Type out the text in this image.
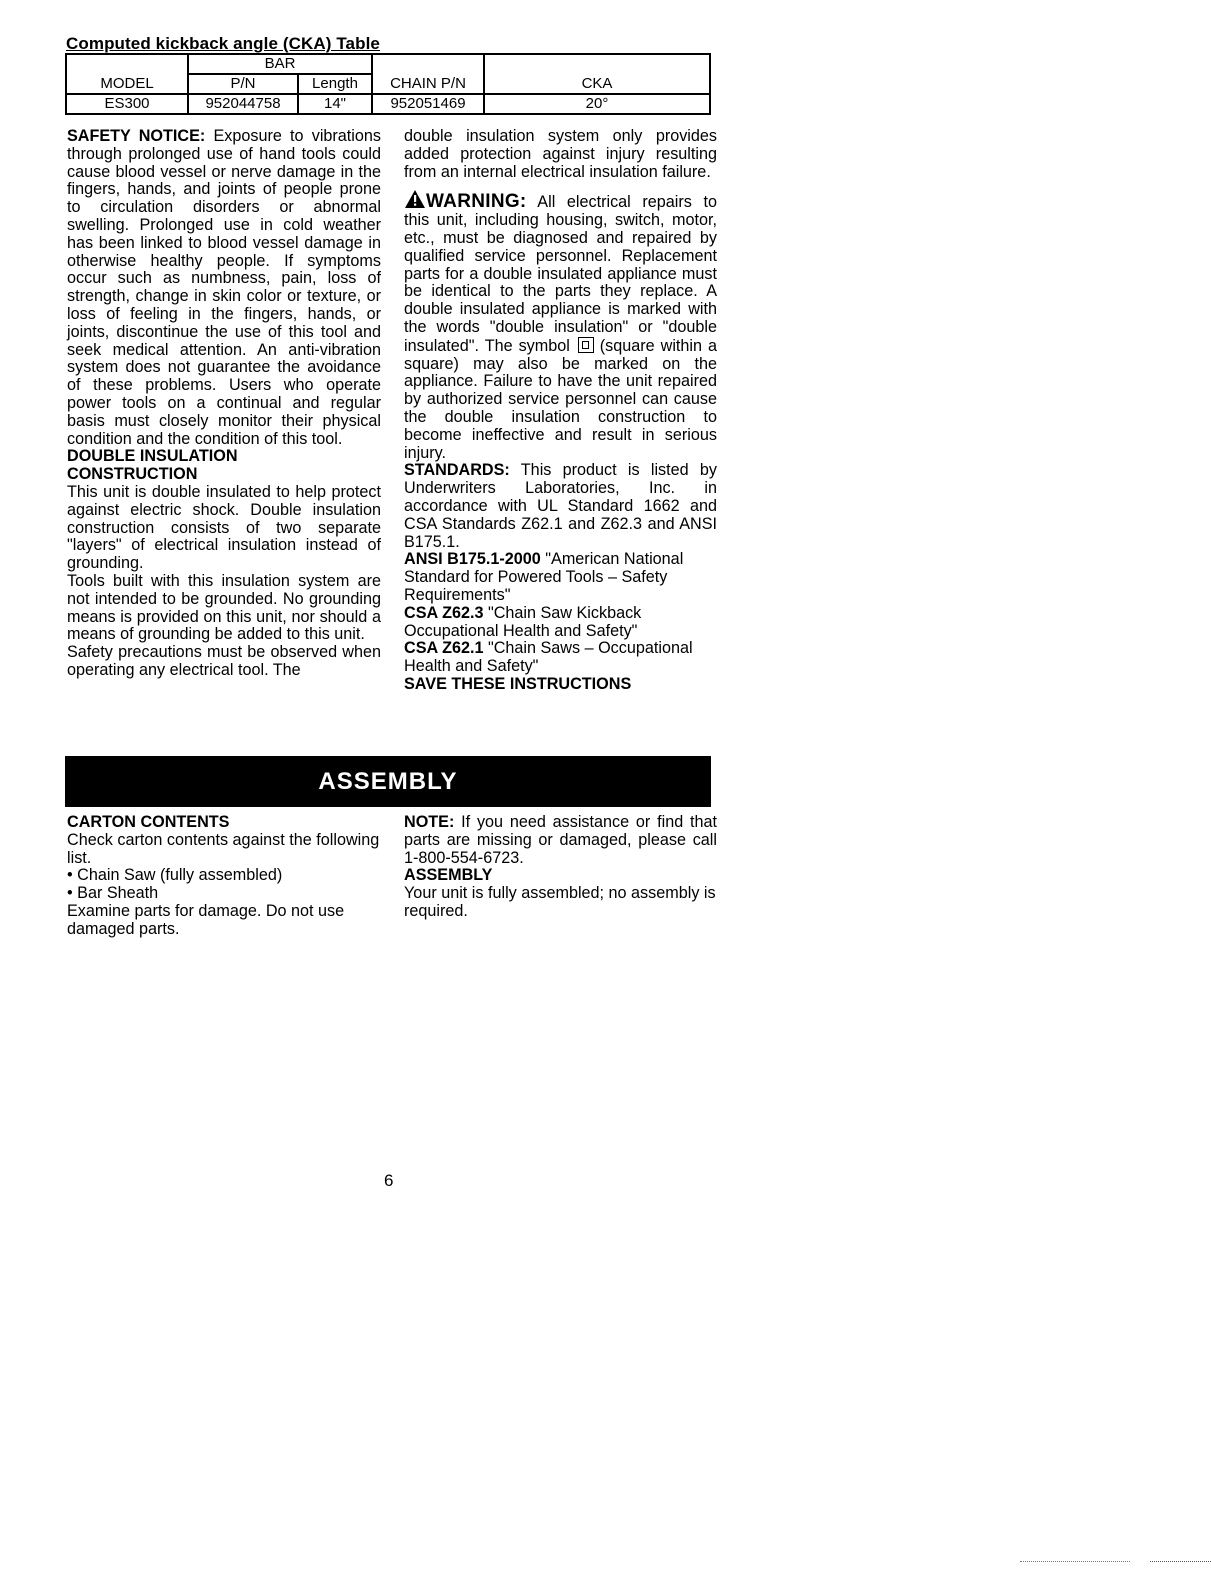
Computed kickback angle (CKA) Table
	BAR			
MODEL	P/N	Length	CHAIN P/N	CKA
ES300	952044758	14"	952051469	20°

SAFETY NOTICE: Exposure to vibrations through prolonged use of hand tools could cause blood vessel or nerve damage in the fingers, hands, and joints of people prone to circulation disorders or abnormal swelling. Prolonged use in cold weather has been linked to blood vessel damage in otherwise healthy people. If symptoms occur such as numbness, pain, loss of strength, change in skin color or texture, or loss of feeling in the fingers, hands, or joints, discontinue the use of this tool and seek medical attention. An anti-vibration system does not guarantee the avoidance of these problems. Users who operate power tools on a continual and regular basis must closely monitor their physical condition and the condition of this tool.

DOUBLE INSULATION
CONSTRUCTION

This unit is double insulated to help protect against electric shock. Double insulation construction consists of two separate "layers" of electrical insulation instead of grounding.

Tools built with this insulation system are not intended to be grounded. No grounding means is provided on this unit, nor should a means of grounding be added to this unit.

Safety precautions must be observed when operating any electrical tool. The

double insulation system only provides added protection against injury resulting from an internal electrical insulation failure.

WARNING: All electrical repairs to this unit, including housing, switch, motor, etc., must be diagnosed and repaired by qualified service personnel. Replacement parts for a double insulated appliance must be identical to the parts they replace. A double insulated appliance is marked with the words "double insulation" or "double insulated". The symbol (square within a square) may also be marked on the appliance. Failure to have the unit repaired by authorized service personnel can cause the double insulation construction to become ineffective and result in serious injury.

STANDARDS: This product is listed by Underwriters Laboratories, Inc. in accordance with UL Standard 1662 and CSA Standards Z62.1 and Z62.3 and ANSI B175.1.

ANSI B175.1-2000 "American National Standard for Powered Tools – Safety Requirements"

CSA Z62.3 "Chain Saw Kickback Occupational Health and Safety"

CSA Z62.1 "Chain Saws – Occupational Health and Safety"

SAVE THESE INSTRUCTIONS
ASSEMBLY
CARTON CONTENTS

Check carton contents against the following list.

• Chain Saw (fully assembled)
• Bar Sheath

Examine parts for damage. Do not use damaged parts.

NOTE: If you need assistance or find that parts are missing or damaged, please call 1-800-554-6723.

ASSEMBLY

Your unit is fully assembled; no assembly is required.

6
